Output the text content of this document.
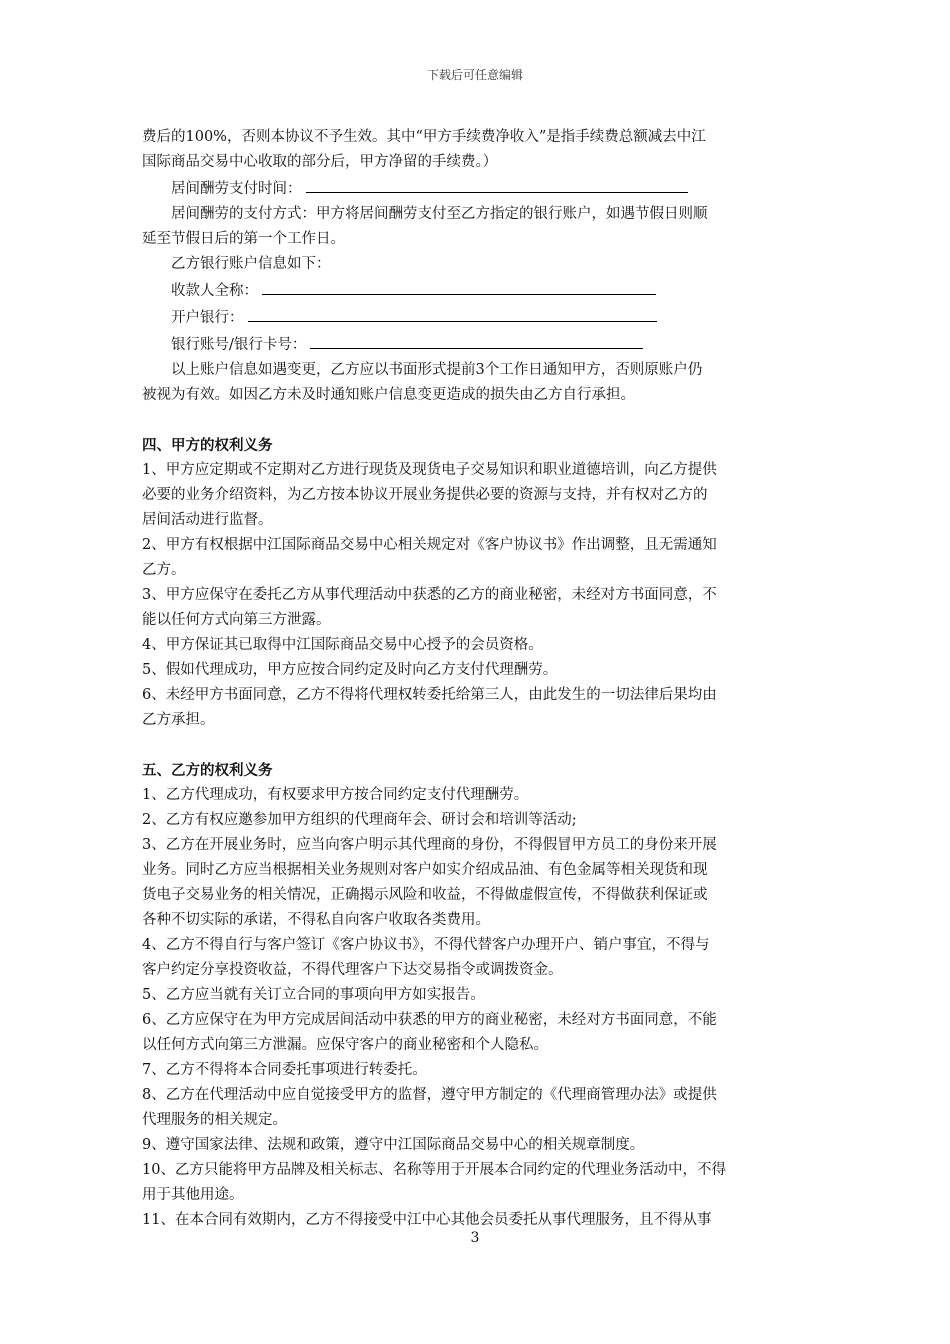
下载后可任意编辑

费后的100%，否则本协议不予生效。其中“甲方手续费净收入”是指手续费总额减去中江

国际商品交易中心收取的部分后，甲方净留的手续费。）

居间酬劳支付时间：

居间酬劳的支付方式：甲方将居间酬劳支付至乙方指定的银行账户，如遇节假日则顺

延至节假日后的第一个工作日。

乙方银行账户信息如下：

收款人全称：

开户银行：

银行账号/银行卡号：

以上账户信息如遇变更，乙方应以书面形式提前3个工作日通知甲方，否则原账户仍

被视为有效。如因乙方未及时通知账户信息变更造成的损失由乙方自行承担。

四、甲方的权利义务

1、甲方应定期或不定期对乙方进行现货及现货电子交易知识和职业道德培训，向乙方提供

必要的业务介绍资料，为乙方按本协议开展业务提供必要的资源与支持，并有权对乙方的

居间活动进行监督。

2、甲方有权根据中江国际商品交易中心相关规定对《客户协议书》作出调整，且无需通知

乙方。

3、甲方应保守在委托乙方从事代理活动中获悉的乙方的商业秘密，未经对方书面同意，不

能以任何方式向第三方泄露。

4、甲方保证其已取得中江国际商品交易中心授予的会员资格。

5、假如代理成功，甲方应按合同约定及时向乙方支付代理酬劳。

6、未经甲方书面同意，乙方不得将代理权转委托给第三人，由此发生的一切法律后果均由

乙方承担。

五、乙方的权利义务

1、乙方代理成功，有权要求甲方按合同约定支付代理酬劳。

2、乙方有权应邀参加甲方组织的代理商年会、研讨会和培训等活动;

3、乙方在开展业务时，应当向客户明示其代理商的身份，不得假冒甲方员工的身份来开展

业务。同时乙方应当根据相关业务规则对客户如实介绍成品油、有色金属等相关现货和现

货电子交易业务的相关情况，正确揭示风险和收益，不得做虚假宣传，不得做获利保证或

各种不切实际的承诺，不得私自向客户收取各类费用。

4、乙方不得自行与客户签订《客户协议书》，不得代替客户办理开户、销户事宜，不得与

客户约定分享投资收益，不得代理客户下达交易指令或调拨资金。

5、乙方应当就有关订立合同的事项向甲方如实报告。

6、乙方应保守在为甲方完成居间活动中获悉的甲方的商业秘密，未经对方书面同意，不能

以任何方式向第三方泄漏。应保守客户的商业秘密和个人隐私。

7、乙方不得将本合同委托事项进行转委托。

8、乙方在代理活动中应自觉接受甲方的监督，遵守甲方制定的《代理商管理办法》或提供

代理服务的相关规定。

9、遵守国家法律、法规和政策，遵守中江国际商品交易中心的相关规章制度。

10、乙方只能将甲方品牌及相关标志、名称等用于开展本合同约定的代理业务活动中，不得

用于其他用途。

11、在本合同有效期内，乙方不得接受中江中心其他会员委托从事代理服务，且不得从事

3
